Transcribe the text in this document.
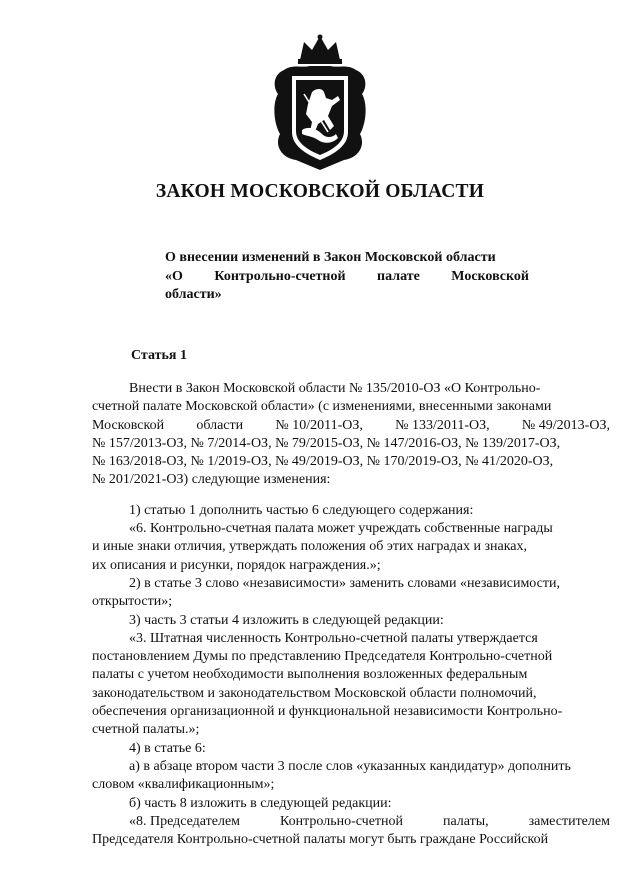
ЗАКОН МОСКОВСКОЙ ОБЛАСТИ
О внесении изменений в Закон Московской области
«О Контрольно-счетной палате Московской
области»
Статья 1
Внести в Закон Московской области № 135/2010-ОЗ «О Контрольно-
счетной палате Московской области» (с изменениями, внесенными законами
Московской области № 10/2011-ОЗ, № 133/2011-ОЗ, № 49/2013-ОЗ,
№ 157/2013-ОЗ, № 7/2014-ОЗ, № 79/2015-ОЗ, № 147/2016-ОЗ, № 139/2017-ОЗ,
№ 163/2018-ОЗ, № 1/2019-ОЗ, № 49/2019-ОЗ, № 170/2019-ОЗ, № 41/2020-ОЗ,
№ 201/2021-ОЗ) следующие изменения:
1) статью 1 дополнить частью 6 следующего содержания:
«6. Контрольно-счетная палата может учреждать собственные награды
и иные знаки отличия, утверждать положения об этих наградах и знаках,
их описания и рисунки, порядок награждения.»;
2) в статье 3 слово «независимости» заменить словами «независимости,
открытости»;
3) часть 3 статьи 4 изложить в следующей редакции:
«3. Штатная численность Контрольно-счетной палаты утверждается
постановлением Думы по представлению Председателя Контрольно-счетной
палаты с учетом необходимости выполнения возложенных федеральным
законодательством и законодательством Московской области полномочий,
обеспечения организационной и функциональной независимости Контрольно-
счетной палаты.»;
4) в статье 6:
а) в абзаце втором части 3 после слов «указанных кандидатур» дополнить
словом «квалификационным»;
б) часть 8 изложить в следующей редакции:
«8. Председателем	Контрольно-счетной	палаты,	заместителем
Председателя Контрольно-счетной палаты могут быть граждане Российской
